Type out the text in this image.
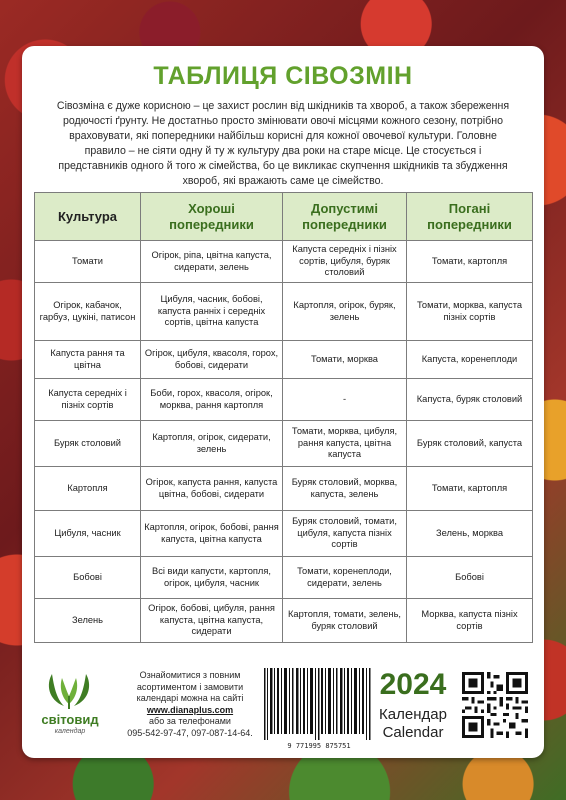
ТАБЛИЦЯ СІВОЗМІН
Сівозміна є дуже корисною – це захист рослин від шкідників та хвороб, а також збереження родючості ґрунту. Не достатньо просто змінювати овочі місцями кожного сезону, потрібно враховувати, які попередники найбільш корисні для кожної овочевої культури. Головне правило – не сіяти одну й ту ж культуру два роки на старе місце. Це стосується і представників одного й того ж сімейства, бо це викликає скупчення шкідників та збудження хвороб, які вражають саме це сімейство.
Культура	Хороші попередники	Допустимі попередники	Погані попередники
Томати	Огірок, ріпа, цвітна капуста, сидерати, зелень	Капуста середніх і пізніх сортів, цибуля, буряк столовий	Томати, картопля
Огірок, кабачок, гарбуз, цукіні, патисон	Цибуля, часник, бобові, капуста ранніх і середніх сортів, цвітна капуста	Картопля, огірок, буряк, зелень	Томати, морква, капуста пізніх сортів
Капуста рання та цвітна	Огірок, цибуля, квасоля, горох, бобові, сидерати	Томати, морква	Капуста, коренеплоди
Капуста середніх і пізніх сортів	Боби, горох, квасоля, огірок, морква, рання картопля	-	Капуста, буряк столовий
Буряк столовий	Картопля, огірок, сидерати, зелень	Томати, морква, цибуля, рання капуста, цвітна капуста	Буряк столовий, капуста
Картопля	Огірок, капуста рання, капуста цвітна, бобові, сидерати	Буряк столовий, морква, капуста, зелень	Томати, картопля
Цибуля, часник	Картопля, огірок, бобові, рання капуста, цвітна капуста	Буряк столовий, томати, цибуля, капуста пізніх сортів	Зелень, морква
Бобові	Всі види капусти, картопля, огірок, цибуля, часник	Томати, коренеплоди, сидерати, зелень	Бобові
Зелень	Огірок, бобові, цибуля, рання капуста, цвітна капуста, сидерати	Картопля, томати, зелень, буряк столовий	Морква, капуста пізніх сортів
світовид
календар
Ознайомитися з повним асортиментом і замовити календарі можна на сайті
www.dianaplus.com
або за телефонами
095-542-97-47, 097-087-14-64.
9 771995 875751
2024
Календар
Calendar
